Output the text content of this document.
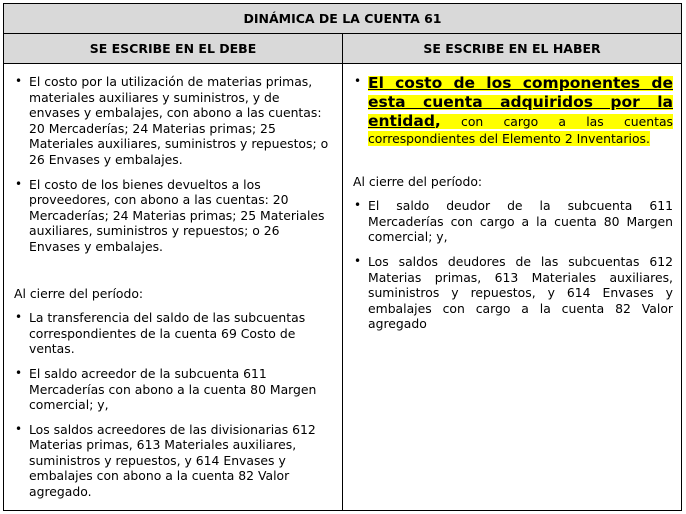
DINÁMICA DE LA CUENTA 61
SE ESCRIBE EN EL DEBE	SE ESCRIBE EN EL HABER
• El costo por la utilización de materias primas, materiales auxiliares y suministros, y de envases y embalajes, con abono a las cuentas: 20 Mercaderías; 24 Materias primas; 25 Materiales auxiliares, suministros y repuestos; o 26 Envases y embalajes.
• El costo de los bienes devueltos a los proveedores, con abono a las cuentas: 20 Mercaderías; 24 Materias primas; 25 Materiales auxiliares, suministros y repuestos; o 26 Envases y embalajes.
Al cierre del período:
• La transferencia del saldo de las subcuentas correspondientes de la cuenta 69 Costo de ventas.
• El saldo acreedor de la subcuenta 611 Mercaderías con abono a la cuenta 80 Margen comercial; y,
• Los saldos acreedores de las divisionarias 612 Materias primas, 613 Materiales auxiliares, suministros y repuestos, y 614 Envases y embalajes con abono a la cuenta 82 Valor agregado.
• El costo de los componentes de esta cuenta adquiridos por la entidad, con cargo a las cuentas correspondientes del Elemento 2 Inventarios.
Al cierre del período:
• El saldo deudor de la subcuenta 611 Mercaderías con cargo a la cuenta 80 Margen comercial; y,
• Los saldos deudores de las subcuentas 612 Materias primas, 613 Materiales auxiliares, suministros y repuestos, y 614 Envases y embalajes con cargo a la cuenta 82 Valor agregado
